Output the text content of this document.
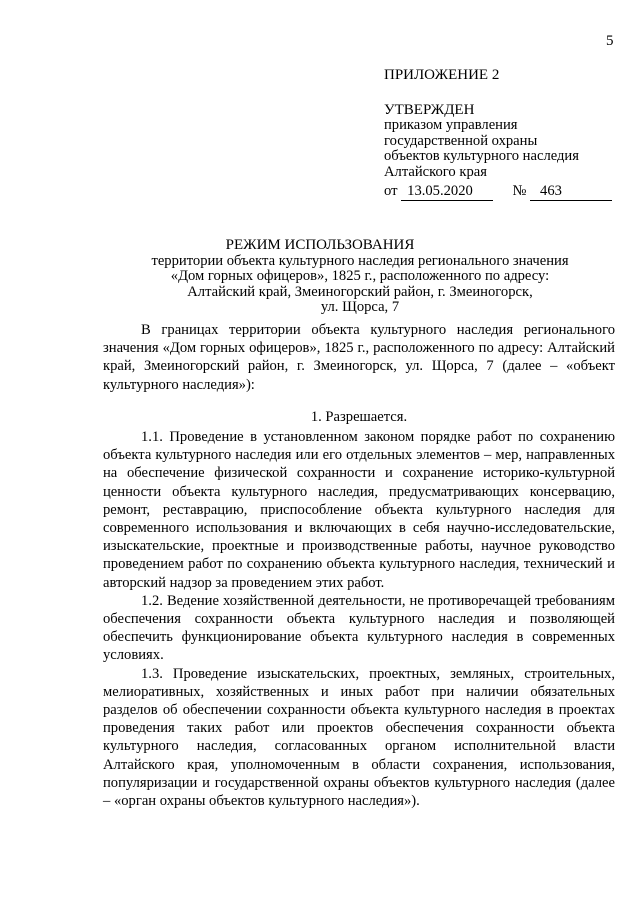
5
ПРИЛОЖЕНИЕ 2
УТВЕРЖДЕН
приказом управления
государственной охраны
объектов культурного наследия
Алтайского края
от 13.05.2020	№ 463
РЕЖИМ ИСПОЛЬЗОВАНИЯ
территории объекта культурного наследия регионального значения
«Дом горных офицеров», 1825 г., расположенного по адресу:
Алтайский край, Змеиногорский район, г. Змеиногорск,
ул. Щорса, 7

В границах территории объекта культурного наследия регионального значения «Дом горных офицеров», 1825 г., расположенного по адресу: Алтайский край, Змеиногорский район, г. Змеиногорск, ул. Щорса, 7 (далее – «объект культурного наследия»):

1. Разрешается.

1.1. Проведение в установленном законом порядке работ по сохранению объекта культурного наследия или его отдельных элементов – мер, направленных на обеспечение физической сохранности и сохранение историко-культурной ценности объекта культурного наследия, предусматривающих консервацию, ремонт, реставрацию, приспособление объекта культурного наследия для современного использования и включающих в себя научно-исследовательские, изыскательские, проектные и производственные работы, научное руководство проведением работ по сохранению объекта культурного наследия, технический и авторский надзор за проведением этих работ.

1.2. Ведение хозяйственной деятельности, не противоречащей требованиям обеспечения сохранности объекта культурного наследия и позволяющей обеспечить функционирование объекта культурного наследия в современных условиях.

1.3. Проведение изыскательских, проектных, земляных, строительных, мелиоративных, хозяйственных и иных работ при наличии обязательных разделов об обеспечении сохранности объекта культурного наследия в проектах проведения таких работ или проектов обеспечения сохранности объекта культурного наследия, согласованных органом исполнительной власти Алтайского края, уполномоченным в области сохранения, использования, популяризации и государственной охраны объектов культурного наследия (далее – «орган охраны объектов культурного наследия»).
